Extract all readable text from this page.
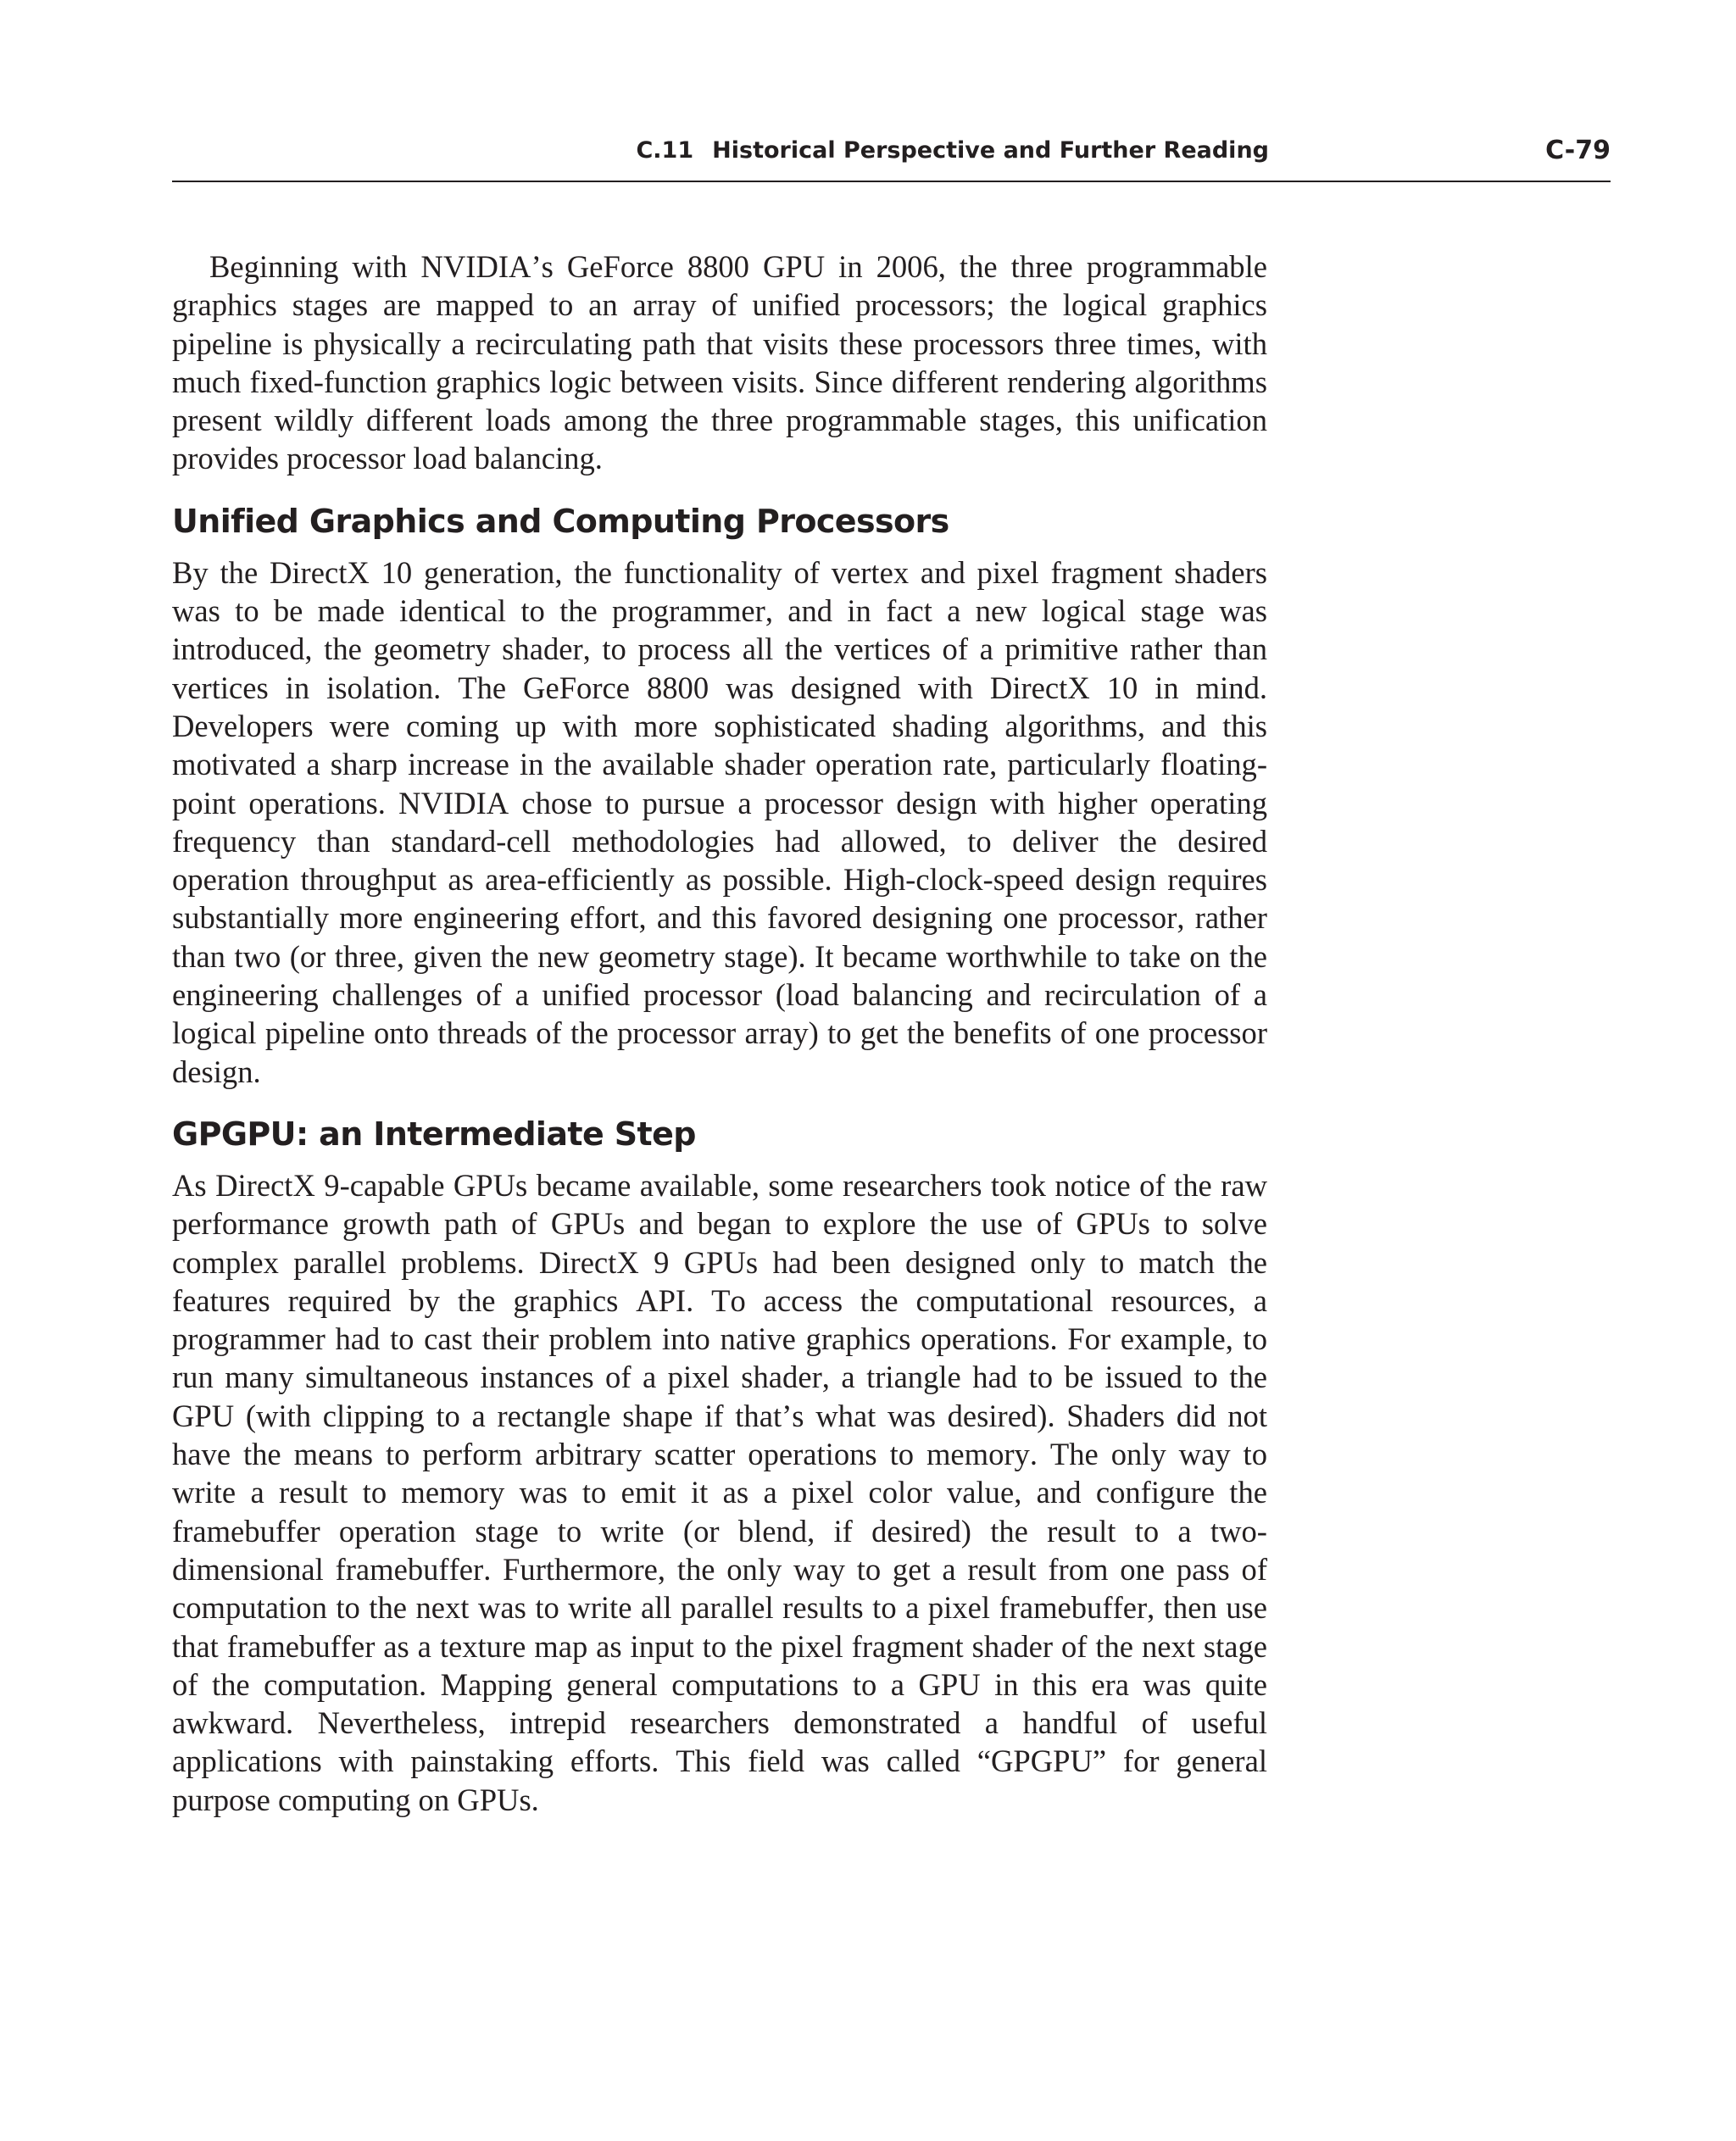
C.11 Historical Perspective and Further Reading	C-79

Beginning with NVIDIA’s GeForce 8800 GPU in 2006, the three programmable graphics stages are mapped to an array of unified processors; the logical graphics pipeline is physically a recirculating path that visits these processors three times, with much fixed-function graphics logic between visits. Since different rendering algorithms present wildly different loads among the three programmable stages, this unification provides processor load balancing.

Unified Graphics and Computing Processors

By the DirectX 10 generation, the functionality of vertex and pixel fragment shaders was to be made identical to the programmer, and in fact a new logical stage was introduced, the geometry shader, to process all the vertices of a primitive rather than vertices in isolation. The GeForce 8800 was designed with DirectX 10 in mind. Developers were coming up with more sophisticated shading algorithms, and this motivated a sharp increase in the available shader operation rate, particularly floating-point operations. NVIDIA chose to pursue a processor design with higher operating frequency than standard-cell methodologies had allowed, to deliver the desired operation throughput as area-efficiently as possible. High-clock-speed design requires substantially more engineering effort, and this favored designing one processor, rather than two (or three, given the new geometry stage). It became worthwhile to take on the engineering challenges of a unified processor (load balancing and recirculation of a logical pipeline onto threads of the processor array) to get the benefits of one processor design.

GPGPU: an Intermediate Step

As DirectX 9-capable GPUs became available, some researchers took notice of the raw performance growth path of GPUs and began to explore the use of GPUs to solve complex parallel problems. DirectX 9 GPUs had been designed only to match the features required by the graphics API. To access the computational resources, a programmer had to cast their problem into native graphics operations. For example, to run many simultaneous instances of a pixel shader, a triangle had to be issued to the GPU (with clipping to a rectangle shape if that’s what was desired). Shaders did not have the means to perform arbitrary scatter operations to memory. The only way to write a result to memory was to emit it as a pixel color value, and configure the framebuffer operation stage to write (or blend, if desired) the result to a two-dimensional framebuffer. Furthermore, the only way to get a result from one pass of computation to the next was to write all parallel results to a pixel framebuffer, then use that framebuffer as a texture map as input to the pixel fragment shader of the next stage of the computation. Mapping general computations to a GPU in this era was quite awkward. Nevertheless, intrepid researchers demonstrated a handful of useful applications with painstaking efforts. This field was called “GPGPU” for general purpose computing on GPUs.
